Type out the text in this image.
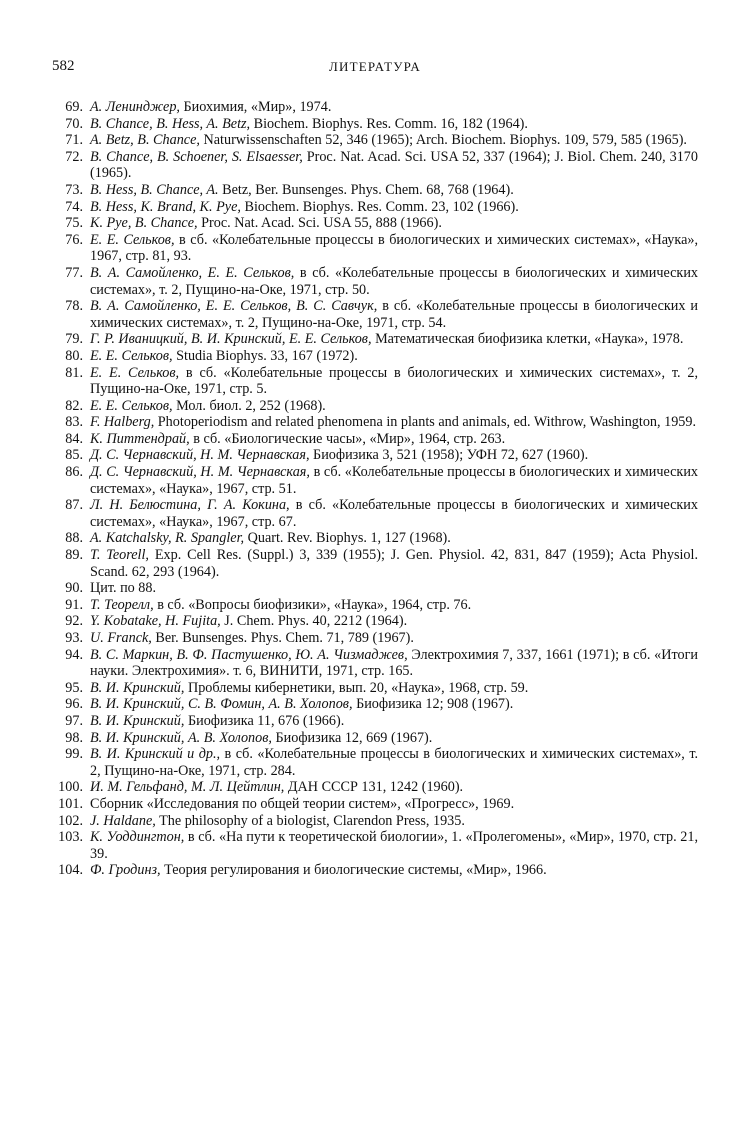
582	ЛИТЕРАТУРА
69. А. Ленинджер, Биохимия, «Мир», 1974.
70. B. Chance, B. Hess, A. Betz, Biochem. Biophys. Res. Comm. 16, 182 (1964).
71. A. Betz, B. Chance, Naturwissenschaften 52, 346 (1965); Arch. Biochem. Biophys. 109, 579, 585 (1965).
72. B. Chance, B. Schoener, S. Elsaesser, Proc. Nat. Acad. Sci. USA 52, 337 (1964); J. Biol. Chem. 240, 3170 (1965).
73. B. Hess, B. Chance, A. Betz, Ber. Bunsenges. Phys. Chem. 68, 768 (1964).
74. B. Hess, K. Brand, K. Pye, Biochem. Biophys. Res. Comm. 23, 102 (1966).
75. K. Pye, B. Chance, Proc. Nat. Acad. Sci. USA 55, 888 (1966).
76. Е. Е. Сельков, в сб. «Колебательные процессы в биологических и химических системах», «Наука», 1967, стр. 81, 93.
77. В. А. Самойленко, Е. Е. Сельков, в сб. «Колебательные процессы в биологических и химических системах», т. 2, Пущино-на-Оке, 1971, стр. 50.
78. В. А. Самойленко, Е. Е. Сельков, В. С. Савчук, в сб. «Колебательные процессы в биологических и химических системах», т. 2, Пущино-на-Оке, 1971, стр. 54.
79. Г. Р. Иваницкий, В. И. Кринский, Е. Е. Сельков, Математическая биофизика клетки, «Наука», 1978.
80. Е. Е. Сельков, Studia Biophys. 33, 167 (1972).
81. Е. Е. Сельков, в сб. «Колебательные процессы в биологических и химических системах», т. 2, Пущино-на-Оке, 1971, стр. 5.
82. Е. Е. Сельков, Мол. биол. 2, 252 (1968).
83. F. Halberg, Photoperiodism and related phenomena in plants and animals, ed. Withrow, Washington, 1959.
84. К. Питтендрай, в сб. «Биологические часы», «Мир», 1964, стр. 263.
85. Д. С. Чернавский, Н. М. Чернавская, Биофизика 3, 521 (1958); УФН 72, 627 (1960).
86. Д. С. Чернавский, Н. М. Чернавская, в сб. «Колебательные процессы в биологических и химических системах», «Наука», 1967, стр. 51.
87. Л. Н. Белюстина, Г. А. Кокина, в сб. «Колебательные процессы в биологических и химических системах», «Наука», 1967, стр. 67.
88. A. Katchalsky, R. Spangler, Quart. Rev. Biophys. 1, 127 (1968).
89. T. Teorell, Exp. Cell Res. (Suppl.) 3, 339 (1955); J. Gen. Physiol. 42, 831, 847 (1959); Acta Physiol. Scand. 62, 293 (1964).
90. Цит. по 88.
91. Т. Теорелл, в сб. «Вопросы биофизики», «Наука», 1964, стр. 76.
92. Y. Kobatake, H. Fujita, J. Chem. Phys. 40, 2212 (1964).
93. U. Franck, Ber. Bunsenges. Phys. Chem. 71, 789 (1967).
94. В. С. Маркин, В. Ф. Пастушенко, Ю. А. Чизмаджев, Электрохимия 7, 337, 1661 (1971); в сб. «Итоги науки. Электрохимия». т. 6, ВИНИТИ, 1971, стр. 165.
95. В. И. Кринский, Проблемы кибернетики, вып. 20, «Наука», 1968, стр. 59.
96. В. И. Кринский, С. В. Фомин, А. В. Холопов, Биофизика 12; 908 (1967).
97. В. И. Кринский, Биофизика 11, 676 (1966).
98. В. И. Кринский, А. В. Холопов, Биофизика 12, 669 (1967).
99. В. И. Кринский и др., в сб. «Колебательные процессы в биологических и химических системах», т. 2, Пущино-на-Оке, 1971, стр. 284.
100. И. М. Гельфанд, М. Л. Цейтлин, ДАН СССР 131, 1242 (1960).
101. Сборник «Исследования по общей теории систем», «Прогресс», 1969.
102. J. Haldane, The philosophy of a biologist, Clarendon Press, 1935.
103. К. Уоддингтон, в сб. «На пути к теоретической биологии», 1. «Пролегомены», «Мир», 1970, стр. 21, 39.
104. Ф. Гродинз, Теория регулирования и биологические системы, «Мир», 1966.
